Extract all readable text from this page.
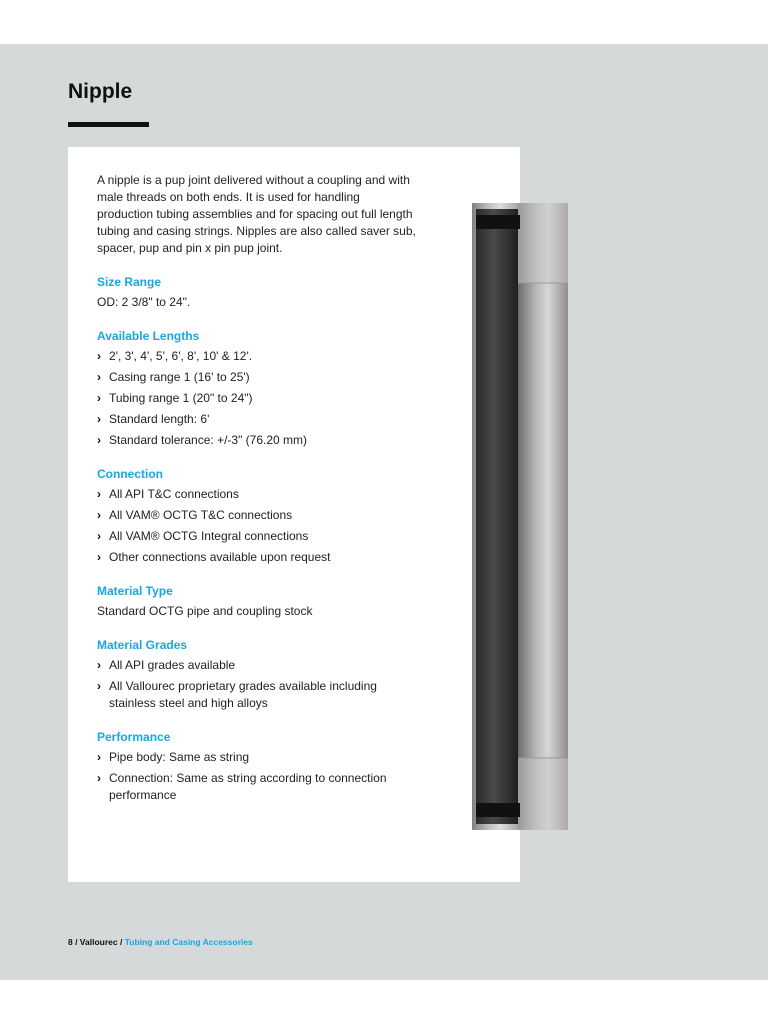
Nipple

A nipple is a pup joint delivered without a coupling and with male threads on both ends. It is used for handling production tubing assemblies and for spacing out full length tubing and casing strings. Nipples are also called saver sub, spacer, pup and pin x pin pup joint.

Size Range

OD: 2 3/8" to 24".

Available Lengths
› 2', 3', 4', 5', 6', 8', 10' & 12'.
› Casing range 1 (16' to 25')
› Tubing range 1 (20" to 24")
› Standard length: 6'
› Standard tolerance: +/-3" (76.20 mm)
Connection
› All API T&C connections
› All VAM® OCTG T&C connections
› All VAM® OCTG Integral connections
› Other connections available upon request
Material Type

Standard OCTG pipe and coupling stock

Material Grades
› All API grades available
› All Vallourec proprietary grades available including stainless steel and high alloys
Performance
› Pipe body: Same as string
› Connection: Same as string according to connection performance
8 / Vallourec / Tubing and Casing Accessories
